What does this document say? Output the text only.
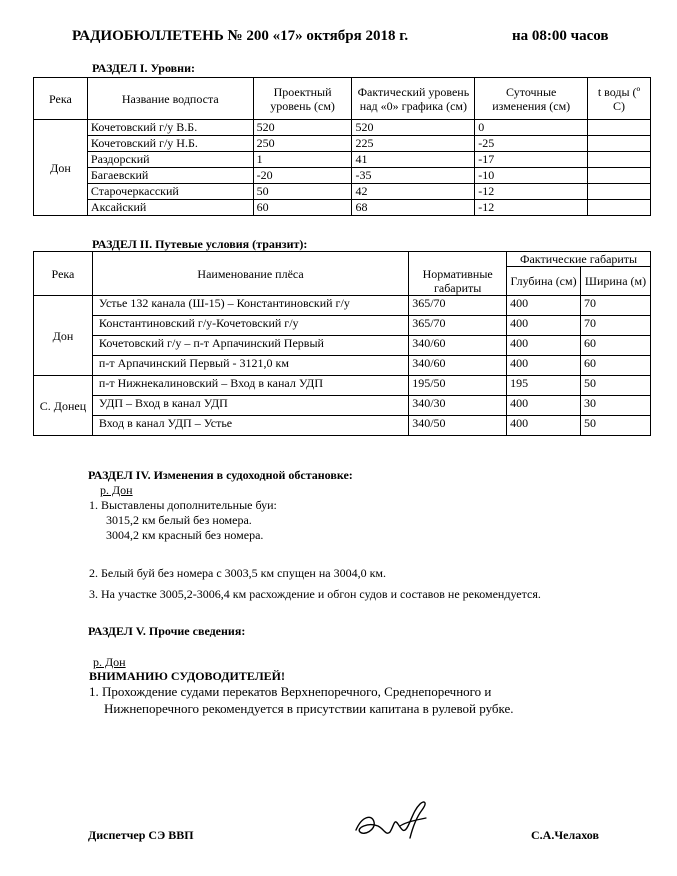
РАДИОБЮЛЛЕТЕНЬ № 200 «17» октября 2018 г.	на 08:00 часов
РАЗДЕЛ I. Уровни:
Река	Название водпоста	Проектный уровень (см)	Фактический уровень над «0» графика (см)	Суточные изменения (см)	t воды (º С)
Дон	Кочетовский г/у В.Б.	520	520	0	
	Кочетовский г/у Н.Б.	250	225	-25	
	Раздорский	1	41	-17	
	Багаевский	-20	-35	-10	
	Старочеркасский	50	42	-12	
	Аксайский	60	68	-12	
РАЗДЕЛ II. Путевые условия (транзит):
Река	Наименование плёса	Нормативные габариты	Фактические габариты	
			Глубина (см)	Ширина (м)
Дон	Устье 132 канала (Ш-15) – Константиновский г/у	365/70	400	70
	Константиновский г/у-Кочетовский г/у	365/70	400	70
	Кочетовский г/у – п-т Арпачинский Первый	340/60	400	60
	п-т Арпачинский Первый - 3121,0 км	340/60	400	60
С. Донец	п-т Нижнекалиновский – Вход в канал УДП	195/50	195	50
	УДП – Вход в канал УДП	340/30	400	30
	Вход в канал УДП – Устье	340/50	400	50
РАЗДЕЛ IV. Изменения в судоходной обстановке:
р. Дон
1. Выставлены дополнительные буи:
3015,2 км белый без номера.
3004,2 км красный без номера.
2. Белый буй без номера с 3003,5 км спущен на 3004,0 км.
3. На участке 3005,2-3006,4 км расхождение и обгон судов и составов не рекомендуется.
РАЗДЕЛ V. Прочие сведения:
р. Дон
ВНИМАНИЮ СУДОВОДИТЕЛЕЙ!
1. Прохождение судами перекатов Верхнепоречного, Среднепоречного и
Нижнепоречного рекомендуется в присутствии капитана в рулевой рубке.
Диспетчер СЭ ВВП	С.А.Челахов
